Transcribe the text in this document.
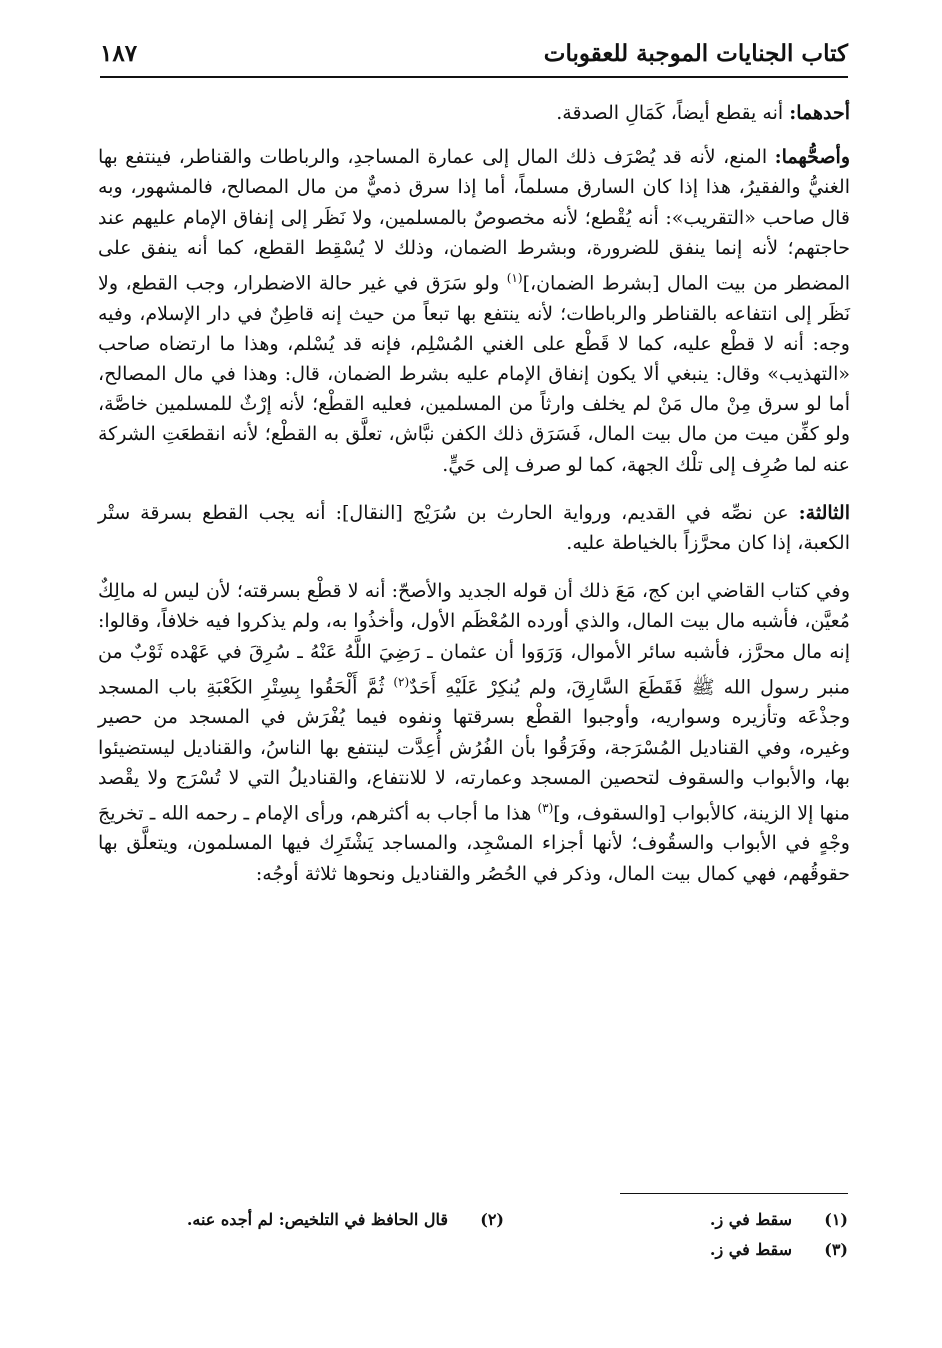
كتاب الجنايات الموجبة للعقوبات
١٨٧

أحدهما: أنه يقطع أيضاً، كَمَالِ الصدقة.

وأصحُّهما: المنع، لأنه قد يُصْرَف ذلك المال إلى عمارة المساجدِ، والرباطات والقناطر، فينتفع بها الغنيُّ والفقيرُ، هذا إذا كان السارق مسلماً، أما إذا سرق ذميٌّ من مال المصالح، فالمشهور، وبه قال صاحب «التقريب»: أنه يُقْطع؛ لأنه مخصوصٌ بالمسلمين، ولا نَظَر إلى إنفاق الإمام عليهم عند حاجتهم؛ لأنه إنما ينفق للضرورة، وبشرط الضمان، وذلك لا يُسْقِط القطع، كما أنه ينفق على المضطر من بيت المال [بشرط الضمان،]$^{(١)}$ ولو سَرَق في غير حالة الاضطرار، وجب القطع، ولا نَظَر إلى انتفاعه بالقناطر والرباطات؛ لأنه ينتفع بها تبعاً من حيث إنه قاطِنٌ في دار الإسلام، وفيه وجه: أنه لا قطْع عليه، كما لا قَطْع على الغني المُسْلِم، فإنه قد يُسْلم، وهذا ما ارتضاه صاحب «التهذيب» وقال: ينبغي ألا يكون إنفاق الإمام عليه بشرط الضمان، قال: وهذا في مال المصالح، أما لو سرق مِنْ مال مَنْ لم يخلف وارثاً من المسلمين، فعليه القطْع؛ لأنه إرْثٌ للمسلمين خاصَّة، ولو كفِّن ميت من مال بيت المال، فَسَرَق ذلك الكفن نبَّاش، تعلَّق به القطْع؛ لأنه انقطعَتِ الشركة عنه لما صُرِف إلى تلْك الجهة، كما لو صرف إلى حَيٍّ.

الثالثة: عن نصِّه في القديم، ورواية الحارث بن سُرَيْج [النقال]: أنه يجب القطع بسرقة ستْر الكعبة، إذا كان محرَّزاً بالخياطة عليه.

وفي كتاب القاضي ابن كج، مَعَ ذلك أن قوله الجديد والأصحّ: أنه لا قطْع بسرقته؛ لأن ليس له مالِكٌ مُعيَّن، فأشبه مال بيت المال، والذي أورده المُعْظَم الأول، وأخذُوا به، ولم يذكروا فيه خلافاً، وقالوا: إنه مال محرَّز، فأشبه سائر الأموال، وَرَوَوا أن عثمان ـ رَضِيَ اللَّهُ عَنْهُ ـ سُرِقَ في عَهْده ثَوْبٌ من منبر رسول الله ﷺ فَقَطَعَ السَّارِقَ، ولم يُنكِرْ عَلَيْهِ أَحَدٌ$^{(٢)}$ ثُمَّ أَلْحَقُوا بِسِتْرِ الكَعْبَةِ باب المسجد وجذْعَه وتأزيره وسواريه، وأوجبوا القطْع بسرقتها ونفوه فيما يُفْرَش في المسجد من حصير وغيره، وفي القناديل المُسْرَجة، وفَرَقُوا بأن الفُرُش أُعِدَّت لينتفع بها الناسُ، والقناديل ليستضيئوا بها، والأبواب والسقوف لتحصين المسجد وعمارته، لا للانتفاع، والقناديلُ التي لا تُسْرَج ولا يقْصد منها إلا الزينة، كالأبواب [والسقوف، و]$^{(٣)}$ هذا ما أجاب به أكثرهم، ورأى الإمام ـ رحمه الله ـ تخريجَ وجْهٍ في الأبواب والسقُوف؛ لأنها أجزاء المسْجِد، والمساجد يَشْتَرِك فيها المسلمون، ويتعلَّق بها حقوقُهم، فهي كمال بيت المال، وذكر في الحُصُر والقناديل ونحوها ثلاثة أوجُه:

(١)
سقط في ز.
(٢)
قال الحافظ في التلخيص: لم أجده عنه.
(٣)
سقط في ز.
